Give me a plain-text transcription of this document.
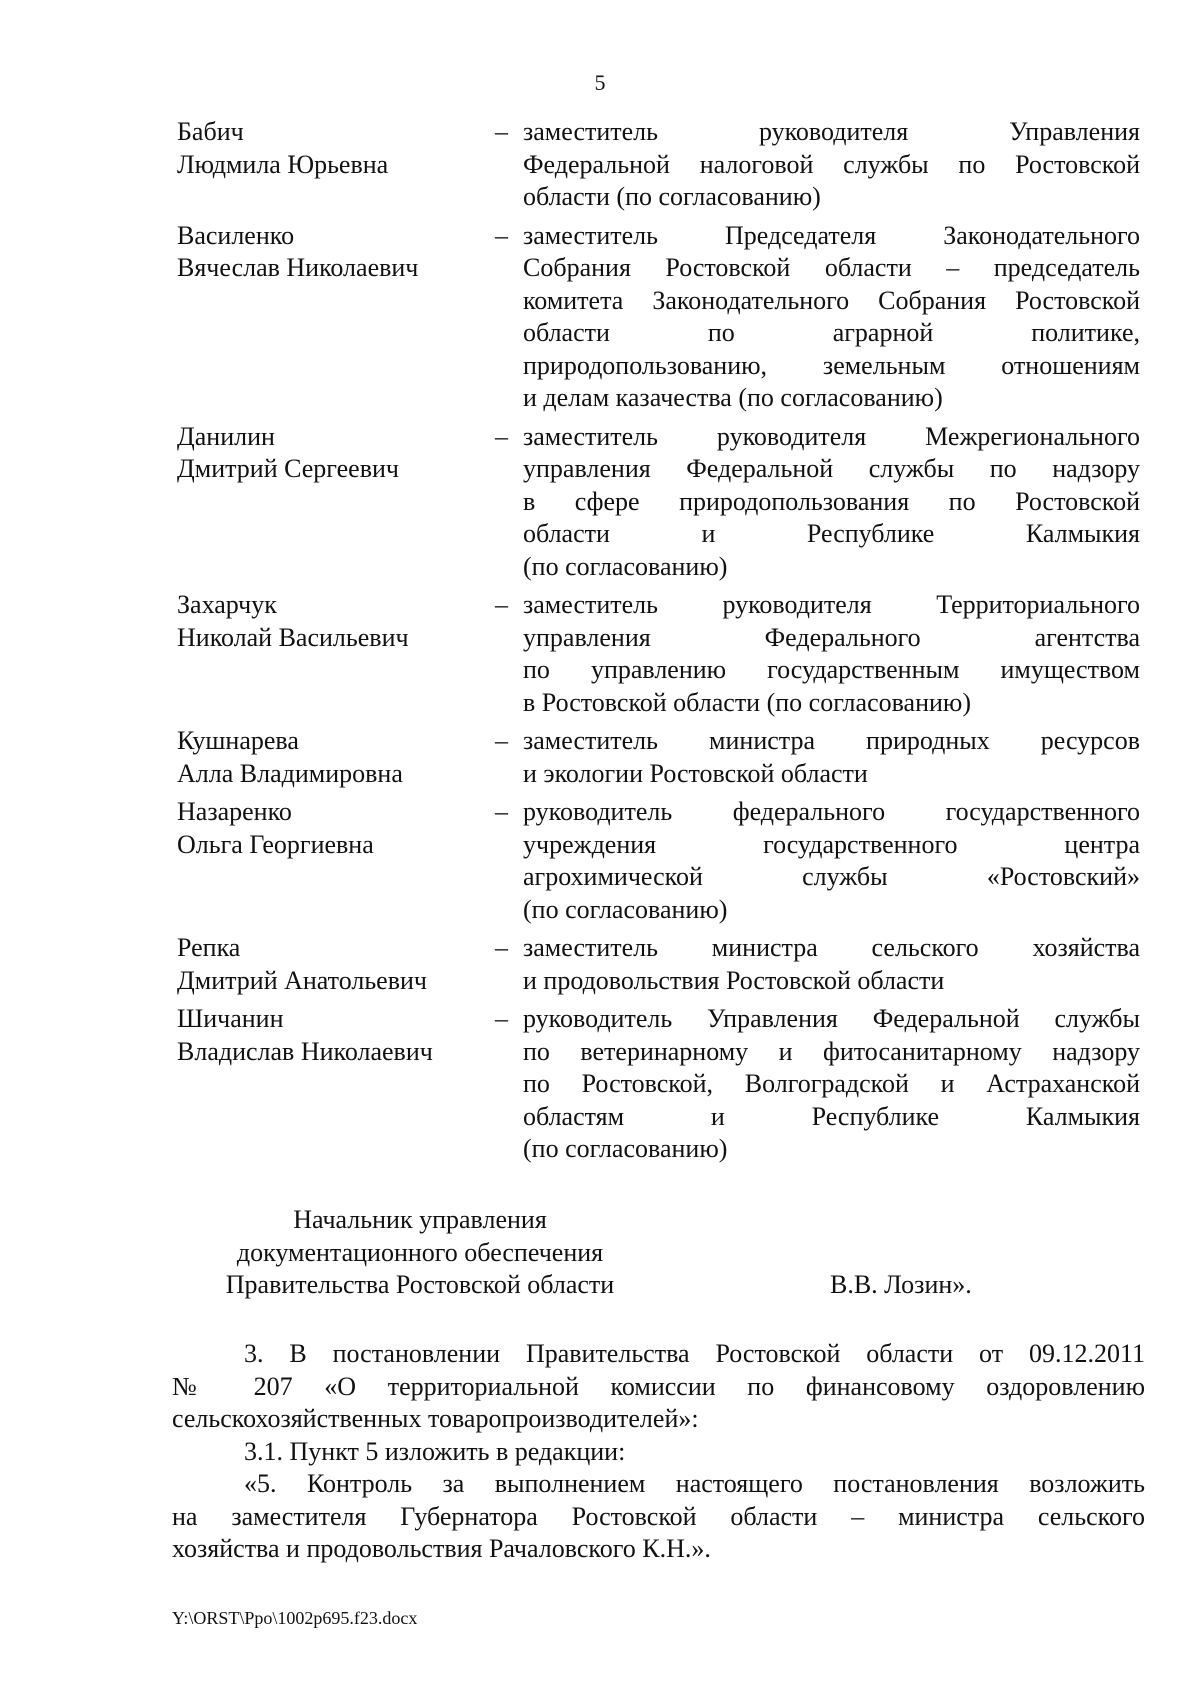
5
Бабич
Людмила Юрьевна
– заместитель руководителя Управления
Федеральной налоговой службы по Ростовской
области (по согласованию)
Василенко
Вячеслав Николаевич
– заместитель Председателя Законодательного
Собрания Ростовской области – председатель
комитета Законодательного Собрания Ростовской
области по аграрной политике,
природопользованию, земельным отношениям
и делам казачества (по согласованию)
Данилин
Дмитрий Сергеевич
– заместитель руководителя Межрегионального
управления Федеральной службы по надзору
в сфере природопользования по Ростовской
области и Республике Калмыкия
(по согласованию)
Захарчук
Николай Васильевич
– заместитель руководителя Территориального
управления Федерального агентства
по управлению государственным имуществом
в Ростовской области (по согласованию)
Кушнарева
Алла Владимировна
– заместитель министра природных ресурсов
и экологии Ростовской области
Назаренко
Ольга Георгиевна
– руководитель федерального государственного
учреждения государственного центра
агрохимической службы «Ростовский»
(по согласованию)
Репка
Дмитрий Анатольевич
– заместитель министра сельского хозяйства
и продовольствия Ростовской области
Шичанин
Владислав Николаевич
– руководитель Управления Федеральной службы
по ветеринарному и фитосанитарному надзору
по Ростовской, Волгоградской и Астраханской
областям и Республике Калмыкия
(по согласованию)
Начальник управления
документационного обеспечения
Правительства Ростовской области	В.В. Лозин».
3. В постановлении Правительства Ростовской области от 09.12.2011
№ 207 «О территориальной комиссии по финансовому оздоровлению
сельскохозяйственных товаропроизводителей»:
3.1. Пункт 5 изложить в редакции:
«5. Контроль за выполнением настоящего постановления возложить
на заместителя Губернатора Ростовской области – министра сельского
хозяйства и продовольствия Рачаловского К.Н.».
Y:\ORST\Ppo\1002p695.f23.docx
